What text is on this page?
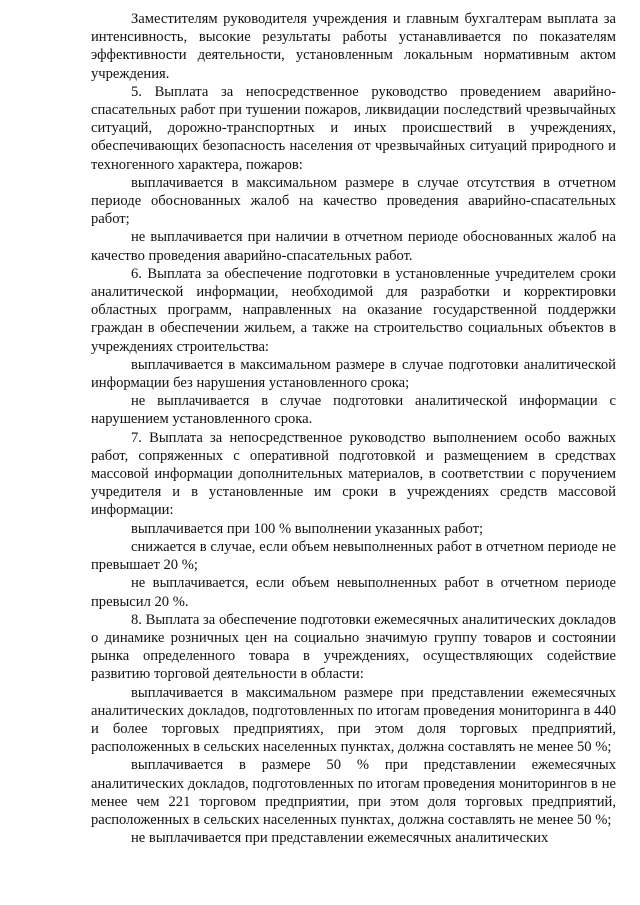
Заместителям руководителя учреждения и главным бухгалтерам выплата за интенсивность, высокие результаты работы устанавливается по показателям эффективности деятельности, установленным локальным нормативным актом учреждения.

5. Выплата за непосредственное руководство проведением аварийно-спасательных работ при тушении пожаров, ликвидации последствий чрезвычайных ситуаций, дорожно-транспортных и иных происшествий в учреждениях, обеспечивающих безопасность населения от чрезвычайных ситуаций природного и техногенного характера, пожаров:

выплачивается в максимальном размере в случае отсутствия в отчетном периоде обоснованных жалоб на качество проведения аварийно-спасательных работ;

не выплачивается при наличии в отчетном периоде обоснованных жалоб на качество проведения аварийно-спасательных работ.

6. Выплата за обеспечение подготовки в установленные учредителем сроки аналитической информации, необходимой для разработки и корректировки областных программ, направленных на оказание государственной поддержки граждан в обеспечении жильем, а также на строительство социальных объектов в учреждениях строительства:

выплачивается в максимальном размере в случае подготовки аналитической информации без нарушения установленного срока;

не выплачивается в случае подготовки аналитической информации с нарушением установленного срока.

7. Выплата за непосредственное руководство выполнением особо важных работ, сопряженных с оперативной подготовкой и размещением в средствах массовой информации дополнительных материалов, в соответствии с поручением учредителя и в установленные им сроки в учреждениях средств массовой информации:

выплачивается при 100 % выполнении указанных работ;

снижается в случае, если объем невыполненных работ в отчетном периоде не превышает 20 %;

не выплачивается, если объем невыполненных работ в отчетном периоде превысил 20 %.

8. Выплата за обеспечение подготовки ежемесячных аналитических докладов о динамике розничных цен на социально значимую группу товаров и состоянии рынка определенного товара в учреждениях, осуществляющих содействие развитию торговой деятельности в области:

выплачивается в максимальном размере при представлении ежемесячных аналитических докладов, подготовленных по итогам проведения мониторинга в 440 и более торговых предприятиях, при этом доля торговых предприятий, расположенных в сельских населенных пунктах, должна составлять не менее 50 %;

выплачивается в размере 50 % при представлении ежемесячных аналитических докладов, подготовленных по итогам проведения мониторингов в не менее чем 221 торговом предприятии, при этом доля торговых предприятий, расположенных в сельских населенных пунктах, должна составлять не менее 50 %;

не выплачивается при представлении ежемесячных аналитических
